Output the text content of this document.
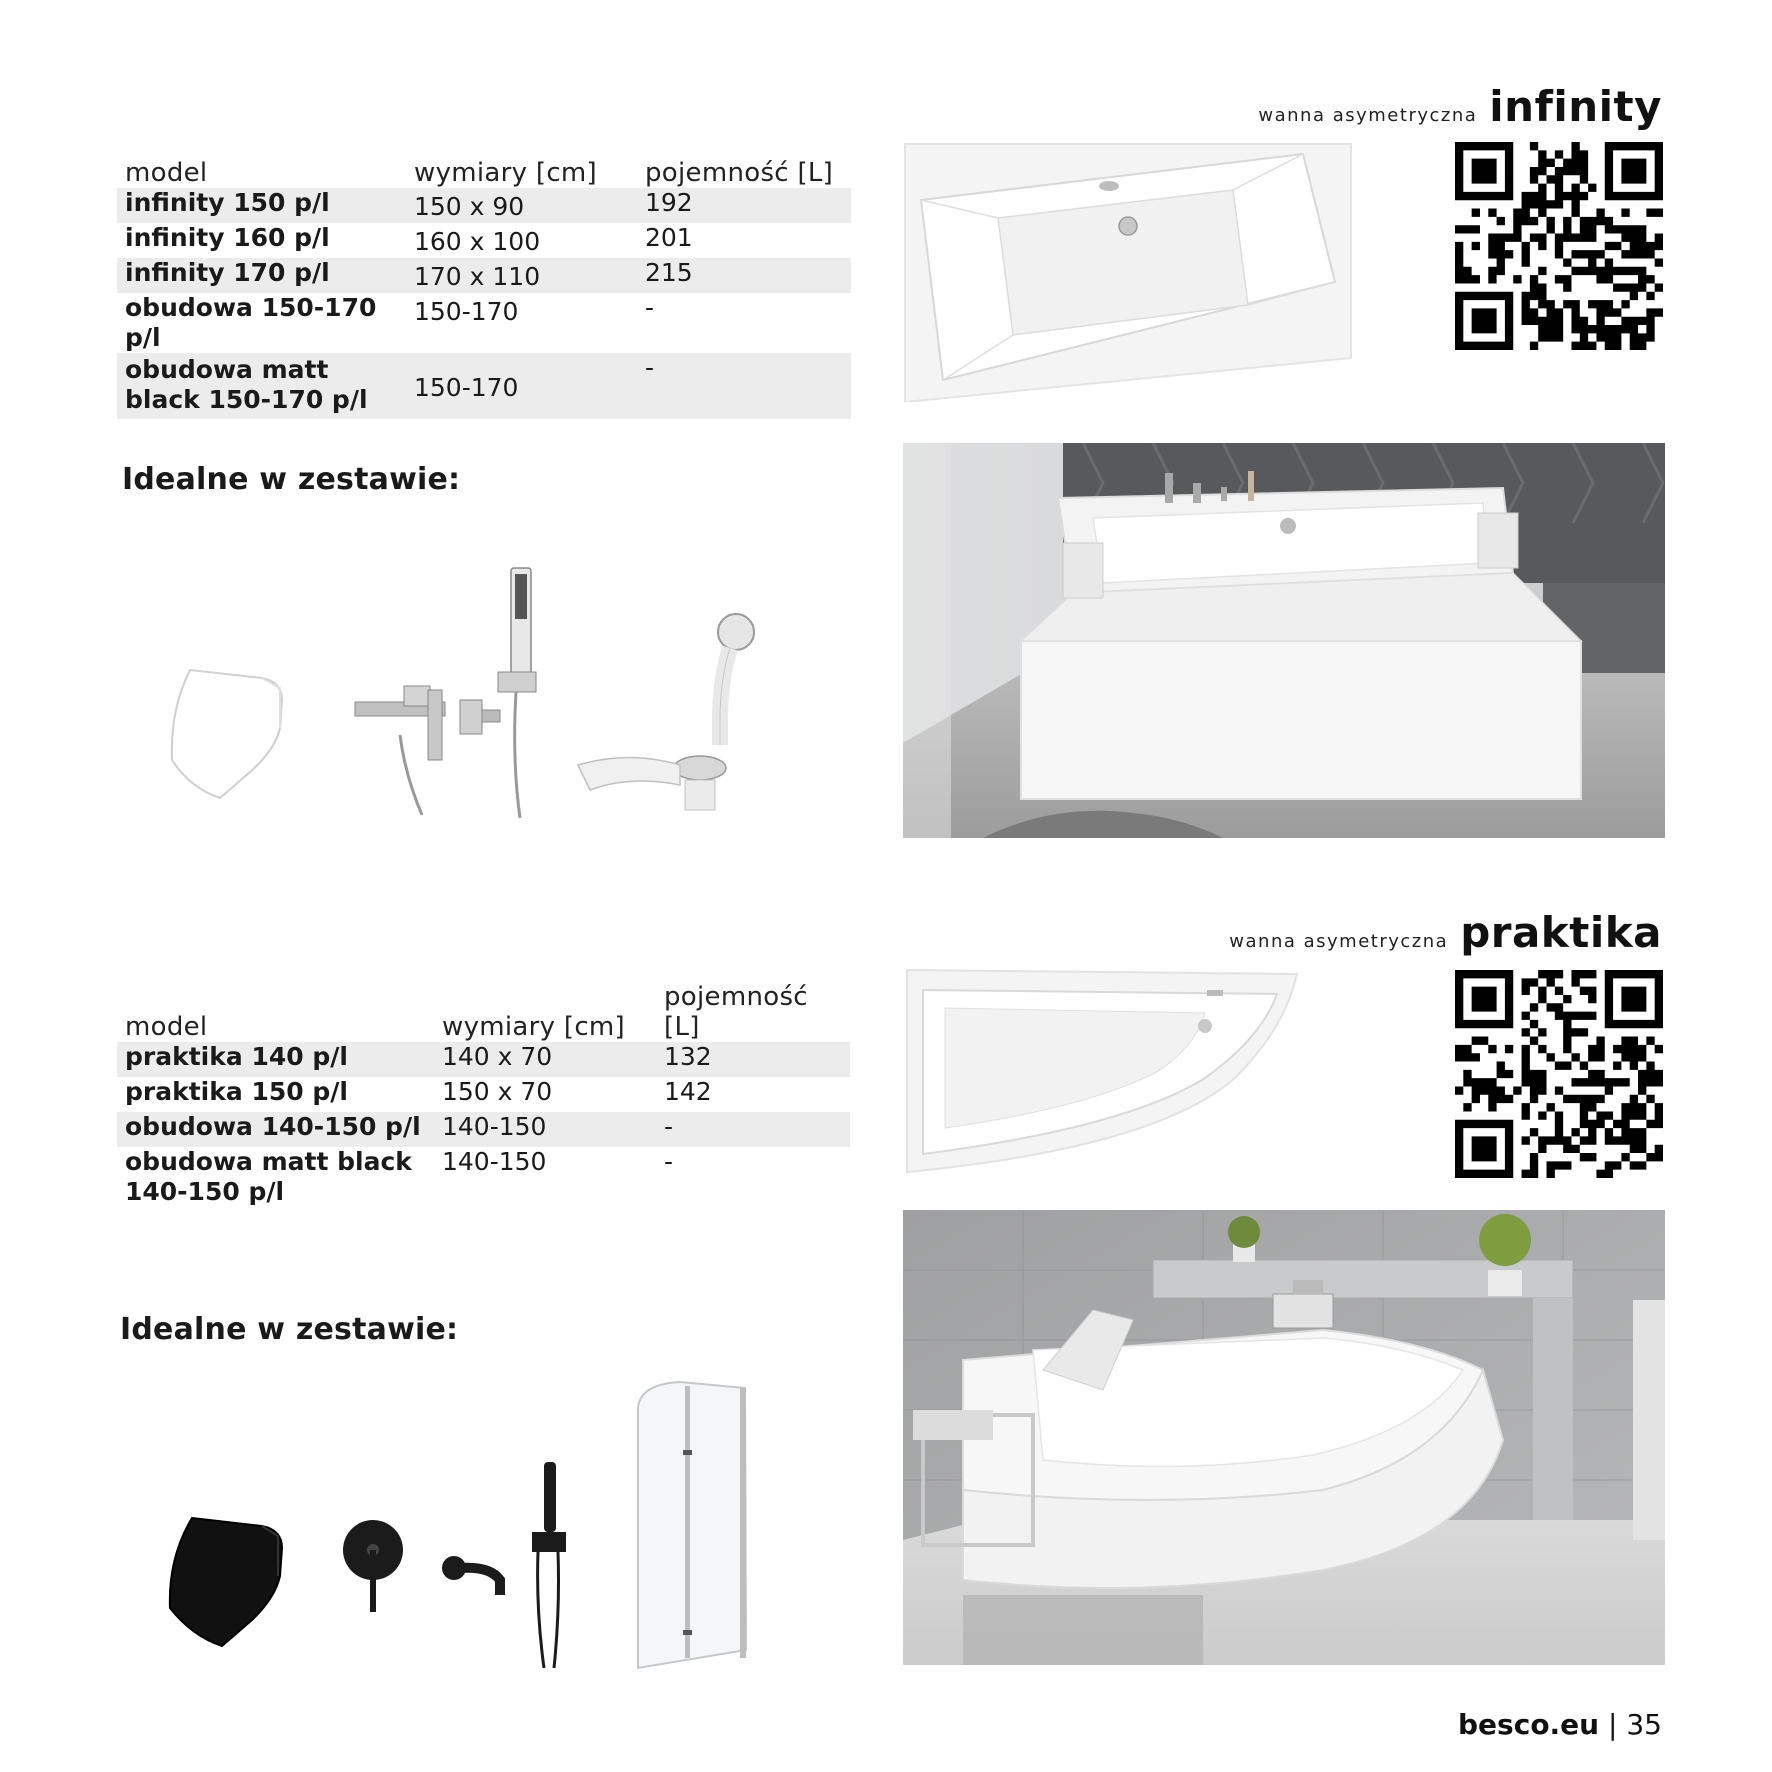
wanna asymetryczna infinity
model	wymiary [cm]	pojemność [L]
infinity 150 p/l	150 x 90	192
infinity 160 p/l	160 x 100	201
infinity 170 p/l	170 x 110	215
obudowa 150-170 p/l	150-170	-
obudowa matt black 150-170 p/l	150-170	-
Idealne w zestawie:
wanna asymetryczna praktika
model	wymiary [cm]	pojemność [L]
praktika 140 p/l	140 x 70	132
praktika 150 p/l	150 x 70	142
obudowa 140-150 p/l	140-150	-
obudowa matt black 140-150 p/l	140-150	-
Idealne w zestawie:
besco.eu | 35
